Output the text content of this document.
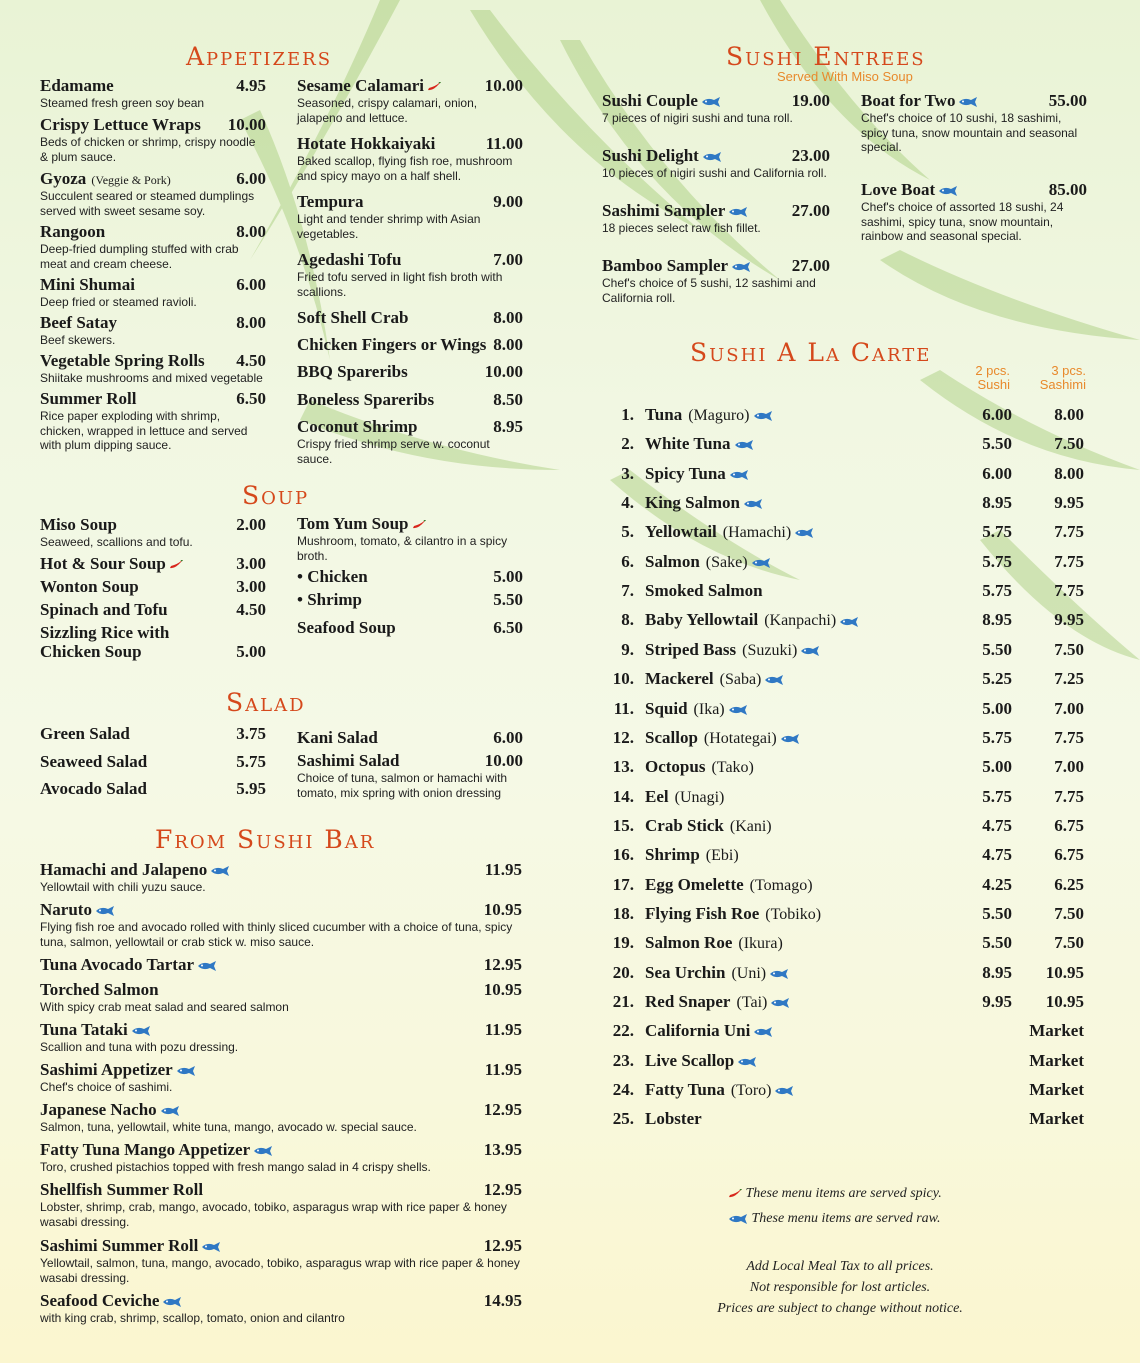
Appetizers
Edamame	4.95
Steamed fresh green soy bean
Crispy Lettuce Wraps 10.00
Beds of chicken or shrimp, crispy noodle & plum sauce.
Gyoza (Veggie & Pork)	6.00
Succulent seared or steamed dumplings served with sweet sesame soy.
Rangoon	8.00
Deep-fried dumpling stuffed with crab meat and cream cheese.
Mini Shumai	6.00
Deep fried or steamed ravioli.
Beef Satay	8.00
Beef skewers.
Vegetable Spring Rolls 4.50
Shiitake mushrooms and mixed vegetable
Summer Roll	6.50
Rice paper exploding with shrimp, chicken, wrapped in lettuce and served with plum dipping sauce.
Sesame Calamari	10.00
Seasoned, crispy calamari, onion, jalapeno and lettuce.
Hotate Hokkaiyaki	11.00
Baked scallop, flying fish roe, mushroom and spicy mayo on a half shell.
Tempura	9.00
Light and tender shrimp with Asian vegetables.
Agedashi Tofu	7.00
Fried tofu served in light fish broth with scallions.
Soft Shell Crab	8.00
Chicken Fingers or Wings 8.00
BBQ Spareribs	10.00
Boneless Spareribs	8.50
Coconut Shrimp	8.95
Crispy fried shrimp serve w. coconut sauce.
Soup
Miso Soup	2.00
Seaweed, scallions and tofu.
Hot & Sour Soup	3.00
Wonton Soup	3.00
Spinach and Tofu	4.50
Sizzling Rice with
Chicken Soup	5.00
Tom Yum Soup
Mushroom, tomato, & cilantro in a spicy broth.
• Chicken	5.00
• Shrimp	5.50
Seafood Soup	6.50
Salad
Green Salad	3.75
Seaweed Salad	5.75
Avocado Salad	5.95
Kani Salad	6.00
Sashimi Salad	10.00
Choice of tuna, salmon or hamachi with tomato, mix spring with onion dressing
From Sushi Bar
Hamachi and Jalapeno	11.95
Yellowtail with chili yuzu sauce.
Naruto	10.95
Flying fish roe and avocado rolled with thinly sliced cucumber with a choice of tuna, spicy tuna, salmon, yellowtail or crab stick w. miso sauce.
Tuna Avocado Tartar	12.95
Torched Salmon	10.95
With spicy crab meat salad and seared salmon
Tuna Tataki	11.95
Scallion and tuna with pozu dressing.
Sashimi Appetizer	11.95
Chef's choice of sashimi.
Japanese Nacho	12.95
Salmon, tuna, yellowtail, white tuna, mango, avocado w. special sauce.
Fatty Tuna Mango Appetizer	13.95
Toro, crushed pistachios topped with fresh mango salad in 4 crispy shells.
Shellfish Summer Roll	12.95
Lobster, shrimp, crab, mango, avocado, tobiko, asparagus wrap with rice paper & honey wasabi dressing.
Sashimi Summer Roll	12.95
Yellowtail, salmon, tuna, mango, avocado, tobiko, asparagus wrap with rice paper & honey wasabi dressing.
Seafood Ceviche	14.95
with king crab, shrimp, scallop, tomato, onion and cilantro
Sushi Entrees
Served With Miso Soup
Sushi Couple	19.00
7 pieces of nigiri sushi and tuna roll.
Sushi Delight	23.00
10 pieces of nigiri sushi and California roll.
Sashimi Sampler	27.00
18 pieces select raw fish fillet.
Bamboo Sampler	27.00
Chef's choice of 5 sushi, 12 sashimi and California roll.
Boat for Two	55.00
Chef's choice of 10 sushi, 18 sashimi, spicy tuna, snow mountain and seasonal special.
Love Boat	85.00
Chef's choice of assorted 18 sushi, 24 sashimi, spicy tuna, snow mountain, rainbow and seasonal special.
Sushi A La Carte
2 pcs.
Sushi
3 pcs.
Sashimi
1. Tuna (Maguro)	6.00	8.00
2. White Tuna	5.50	7.50
3. Spicy Tuna	6.00	8.00
4. King Salmon	8.95	9.95
5. Yellowtail (Hamachi)	5.75	7.75
6. Salmon (Sake)	5.75	7.75
7. Smoked Salmon	5.75	7.75
8. Baby Yellowtail (Kanpachi)	8.95	9.95
9. Striped Bass (Suzuki)	5.50	7.50
10. Mackerel (Saba)	5.25	7.25
11. Squid (Ika)	5.00	7.00
12. Scallop (Hotategai)	5.75	7.75
13. Octopus (Tako)	5.00	7.00
14. Eel (Unagi)	5.75	7.75
15. Crab Stick (Kani)	4.75	6.75
16. Shrimp (Ebi)	4.75	6.75
17. Egg Omelette (Tomago)	4.25	6.25
18. Flying Fish Roe (Tobiko)	5.50	7.50
19. Salmon Roe (Ikura)	5.50	7.50
20. Sea Urchin (Uni)	8.95	10.95
21. Red Snaper (Tai)	9.95	10.95
22. California Uni	Market
23. Live Scallop	Market
24. Fatty Tuna (Toro)	Market
25. Lobster	Market
These menu items are served spicy.
These menu items are served raw.
Add Local Meal Tax to all prices.
Not responsible for lost articles.
Prices are subject to change without notice.
